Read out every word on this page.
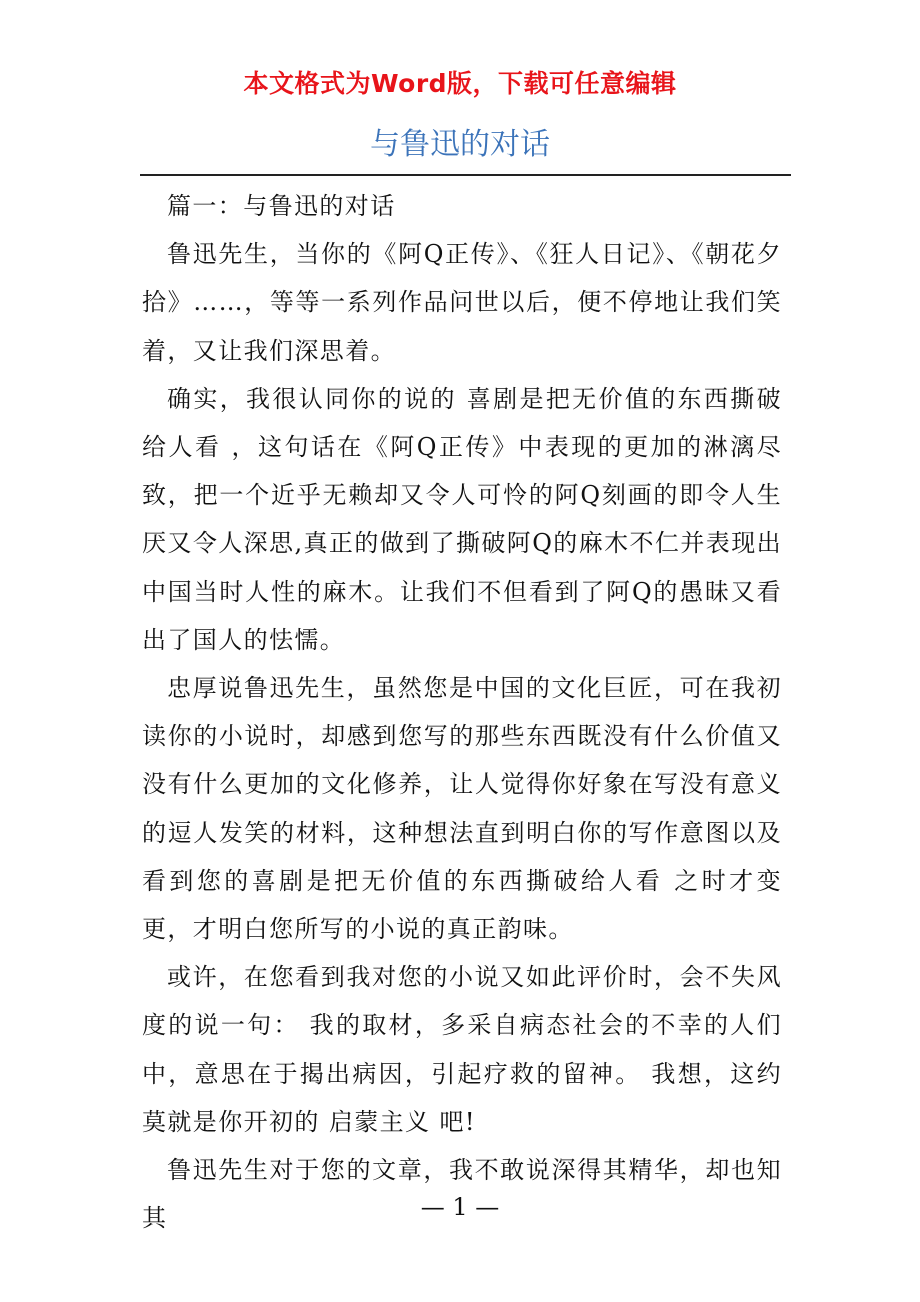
本文格式为Word版，下载可任意编辑
与鲁迅的对话

篇一：与鲁迅的对话

鲁迅先生，当你的《阿Q正传》、《狂人日记》、《朝花夕拾》……，等等一系列作品问世以后，便不停地让我们笑着，又让我们深思着。

确实，我很认同你的说的 喜剧是把无价值的东西撕破给人看 ，这句话在《阿Q正传》中表现的更加的淋漓尽致，把一个近乎无赖却又令人可怜的阿Q刻画的即令人生厌又令人深思,真正的做到了撕破阿Q的麻木不仁并表现出中国当时人性的麻木。让我们不但看到了阿Q的愚昧又看出了国人的怯懦。

忠厚说鲁迅先生，虽然您是中国的文化巨匠，可在我初读你的小说时，却感到您写的那些东西既没有什么价值又没有什么更加的文化修养，让人觉得你好象在写没有意义的逗人发笑的材料，这种想法直到明白你的写作意图以及看到您的喜剧是把无价值的东西撕破给人看 之时才变更，才明白您所写的小说的真正韵味。

或许，在您看到我对您的小说又如此评价时，会不失风度的说一句： 我的取材，多采自病态社会的不幸的人们中，意思在于揭出病因，引起疗救的留神。 我想，这约莫就是你开初的 启蒙主义 吧!

鲁迅先生对于您的文章，我不敢说深得其精华，却也知其	— 1 —
